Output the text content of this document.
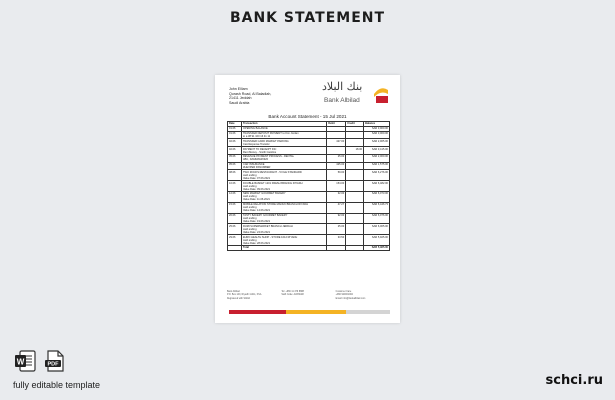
BANK STATEMENT
John Elliam
Qurash Road, Al Baladiah,
21411 Jeddah
Saudi Arabia
بنك البلاد
Bank Albilad
Bank Account Statement - 15 Jul 2021
Date	Transaction	Debit	Credit	Balance
01.06	OPENING BALANCE			SAR 3,900.00
01.06	TRANSFER DEPOSIT PAYMENT to Kim Jordan
to a 38 91 100 16 41 11			SAR 3,000.00
02.06	TRANSFER CARD MARKET PARKING
Card Expense Transfer	427.00		SAR 2,965.00
02.06	PAYMENT TO RECEIPT INC
Rent Money - Smith Caroline		18.00	SAR 3,415.00
05.06	REVENUE PAYMENT PROCESS - RENTAL
ABC, DAMMAM/0320	25.00		SAR 2,000.00
05.06	CAR INSURANCE
ZHEXPER PANUMBER	425.00		SAR 1,575.00
08.06	TWO ROCKS RESTAURANT - 5 FILE STANDARD
card ending
Value Date: 07.06.2021	59.00		SAR 6,276.00
10.06	DOUBLE BASKET 1201 FRESH BRANCH RIYADH
card ending
Value Date: 09.06.2021	154.00		SAR 6,482.00
12.06	NEW MARKET GOURMET BAKERY
card ending
Value Date: 11.06.2021	32.00		SAR 6,073.00
15.06	MOBILE RELATION STORE MANUK BRANCH RIYADH
card ending
Value Date: 14.06.2021	47.27		SAR 6,446.73
20.06	TASTY BAKERY GOURMET BAKERY
card ending
Value Date: 19.06.2021	92.00		SAR 6,076.00
25.06	RUMI SUPERMARKET BRANCH JEDDAH
card ending
Value Date: 24.06.2021	25.00		SAR 6,005.00
29.06	EURO HEALTH SHOP - STORE 1012 RIYADH
card ending
Value Date: 28.06.2021	33.50		SAR 5,925.00
	Total			SAR 5,925.00
Bank Albilad
P.O. Box 140, Riyadh 11411, KSA
Registered with SAMA
Tel: +966 11 479 8888
Swift Code: ALBISARI
Customer Care
+966 920001002
Email: info@bankalbilad.com
W	PDF
fully editable template	schci.ru
